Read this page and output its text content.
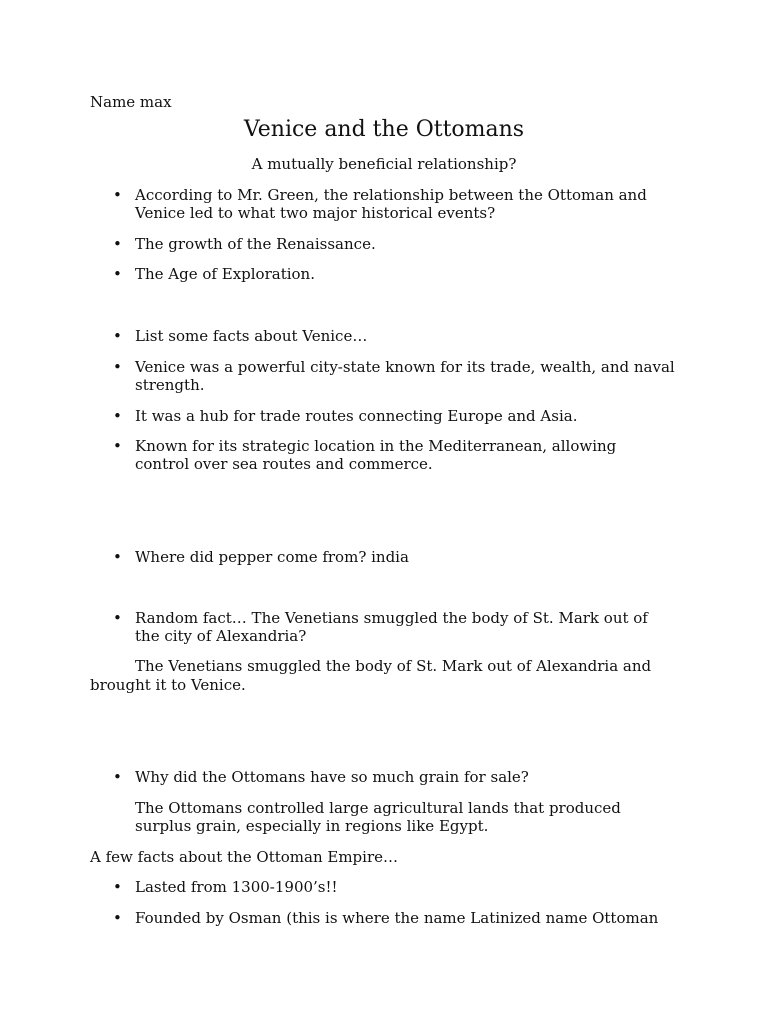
Name max
Venice and the Ottomans
A mutually beneficial relationship?
• According to Mr. Green, the relationship between the Ottoman and
Venice led to what two major historical events?
• The growth of the Renaissance.
• The Age of Exploration.
• List some facts about Venice…
• Venice was a powerful city-state known for its trade, wealth, and naval
strength.
• It was a hub for trade routes connecting Europe and Asia.
• Known for its strategic location in the Mediterranean, allowing
control over sea routes and commerce.
• Where did pepper come from? india
• Random fact… The Venetians smuggled the body of St. Mark out of
the city of Alexandria?
The Venetians smuggled the body of St. Mark out of Alexandria and
brought it to Venice.
• Why did the Ottomans have so much grain for sale?
The Ottomans controlled large agricultural lands that produced
surplus grain, especially in regions like Egypt.
A few facts about the Ottoman Empire…
• Lasted from 1300-1900’s!!
• Founded by Osman (this is where the name Latinized name Ottoman
